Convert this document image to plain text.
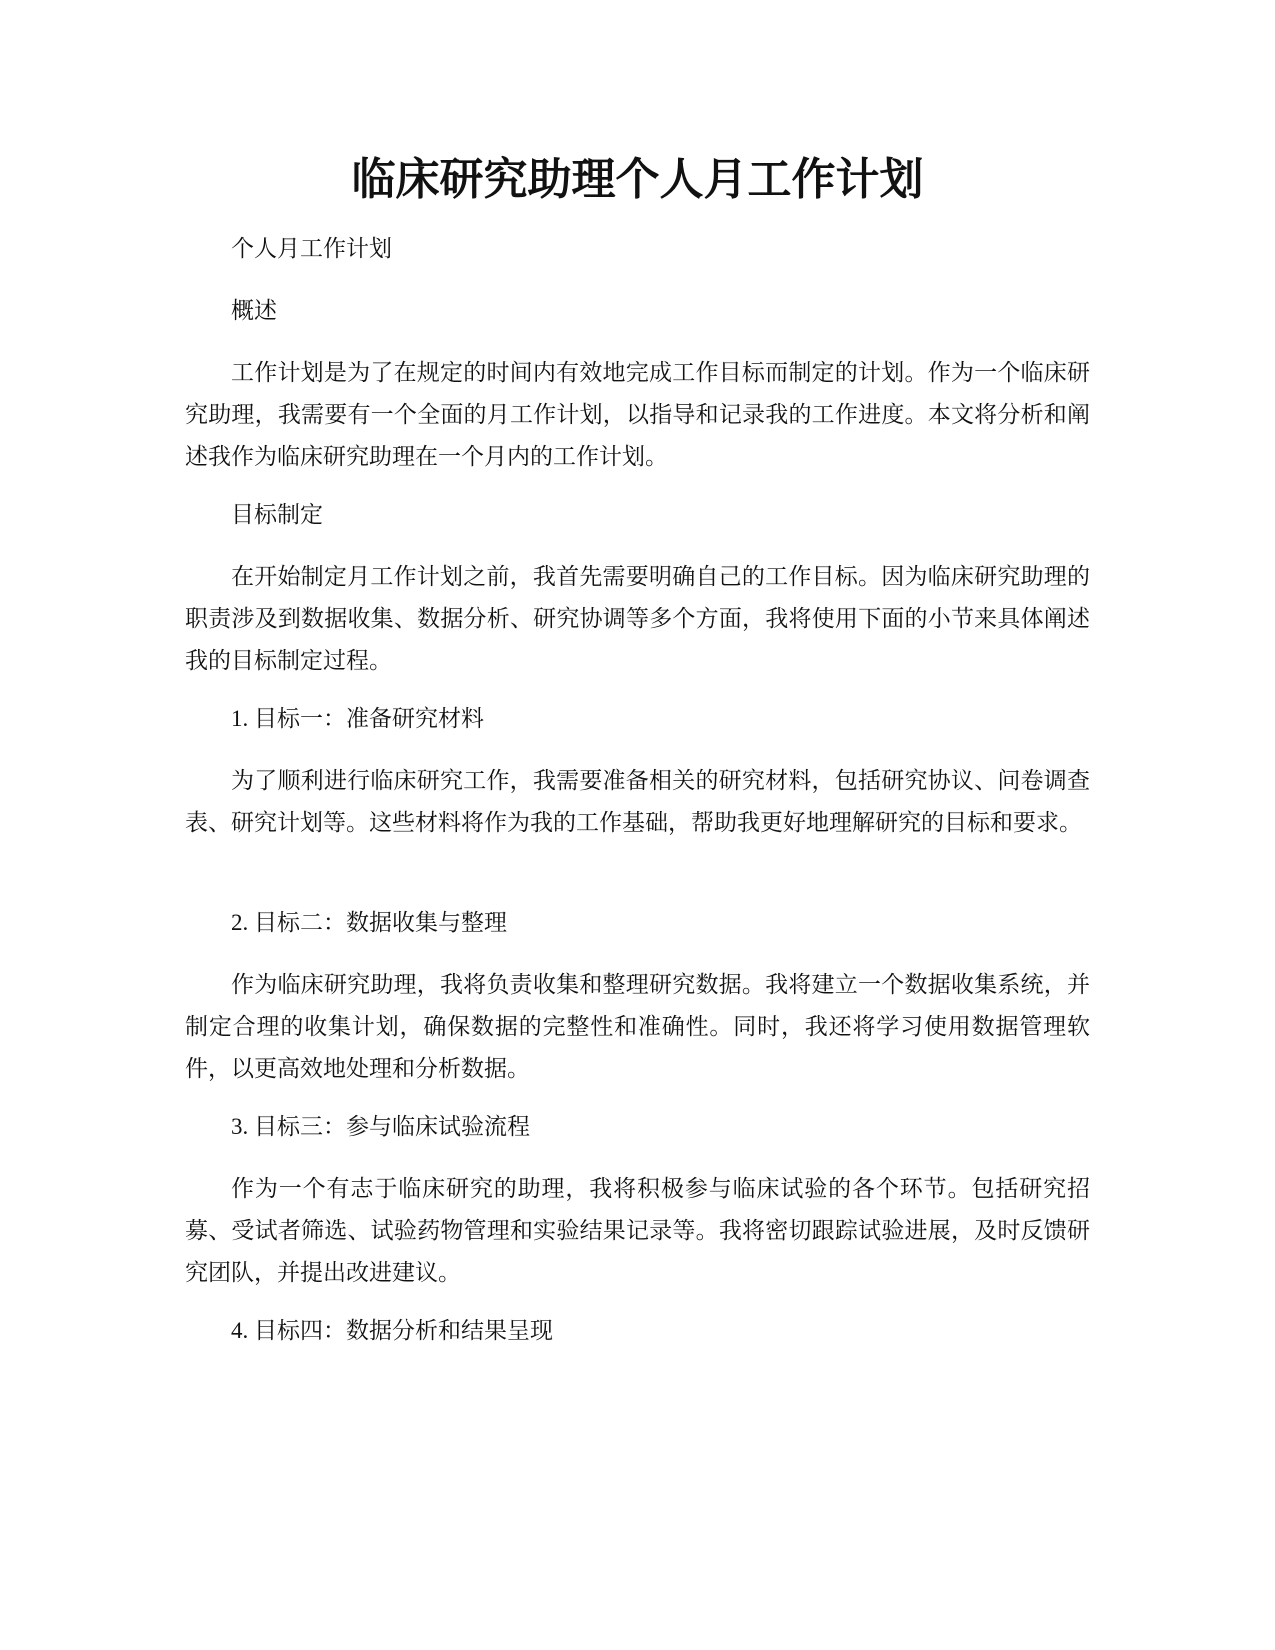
临床研究助理个人月工作计划

个人月工作计划

概述

工作计划是为了在规定的时间内有效地完成工作目标而制定的计划。作为一个临床研究助理，我需要有一个全面的月工作计划，以指导和记录我的工作进度。本文将分析和阐述我作为临床研究助理在一个月内的工作计划。

目标制定

在开始制定月工作计划之前，我首先需要明确自己的工作目标。因为临床研究助理的职责涉及到数据收集、数据分析、研究协调等多个方面，我将使用下面的小节来具体阐述我的目标制定过程。

1. 目标一：准备研究材料

为了顺利进行临床研究工作，我需要准备相关的研究材料，包括研究协议、问卷调查表、研究计划等。这些材料将作为我的工作基础，帮助我更好地理解研究的目标和要求。

2. 目标二：数据收集与整理

作为临床研究助理，我将负责收集和整理研究数据。我将建立一个数据收集系统，并制定合理的收集计划，确保数据的完整性和准确性。同时，我还将学习使用数据管理软件，以更高效地处理和分析数据。

3. 目标三：参与临床试验流程

作为一个有志于临床研究的助理，我将积极参与临床试验的各个环节。包括研究招募、受试者筛选、试验药物管理和实验结果记录等。我将密切跟踪试验进展，及时反馈研究团队，并提出改进建议。

4. 目标四：数据分析和结果呈现
